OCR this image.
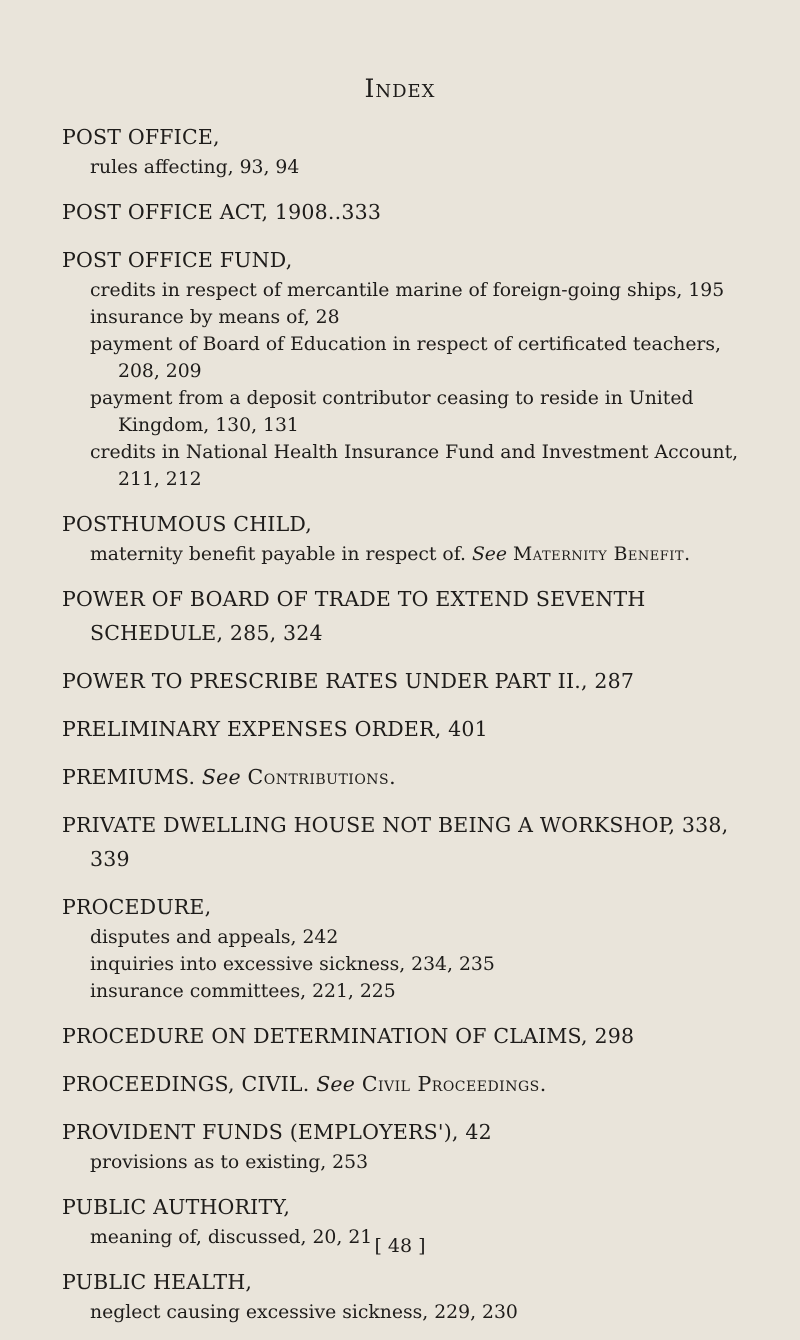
Index
POST OFFICE,
rules affecting, 93, 94
POST OFFICE ACT, 1908..333
POST OFFICE FUND,
credits in respect of mercantile marine of foreign-going ships, 195
insurance by means of, 28
payment of Board of Education in respect of certificated teachers, 208, 209
payment from a deposit contributor ceasing to reside in United Kingdom, 130, 131
credits in National Health Insurance Fund and Investment Account, 211, 212
POSTHUMOUS CHILD,
maternity benefit payable in respect of. See Maternity Benefit.
POWER OF BOARD OF TRADE TO EXTEND SEVENTH SCHEDULE, 285, 324
POWER TO PRESCRIBE RATES UNDER PART II., 287
PRELIMINARY EXPENSES ORDER, 401
PREMIUMS. See Contributions.
PRIVATE DWELLING HOUSE NOT BEING A WORKSHOP, 338, 339
PROCEDURE,
disputes and appeals, 242
inquiries into excessive sickness, 234, 235
insurance committees, 221, 225
PROCEDURE ON DETERMINATION OF CLAIMS, 298
PROCEEDINGS, CIVIL. See Civil Proceedings.
PROVIDENT FUNDS (EMPLOYERS'), 42
provisions as to existing, 253
PUBLIC AUTHORITY,
meaning of, discussed, 20, 21
PUBLIC HEALTH,
neglect causing excessive sickness, 229, 230
[ 48 ]
